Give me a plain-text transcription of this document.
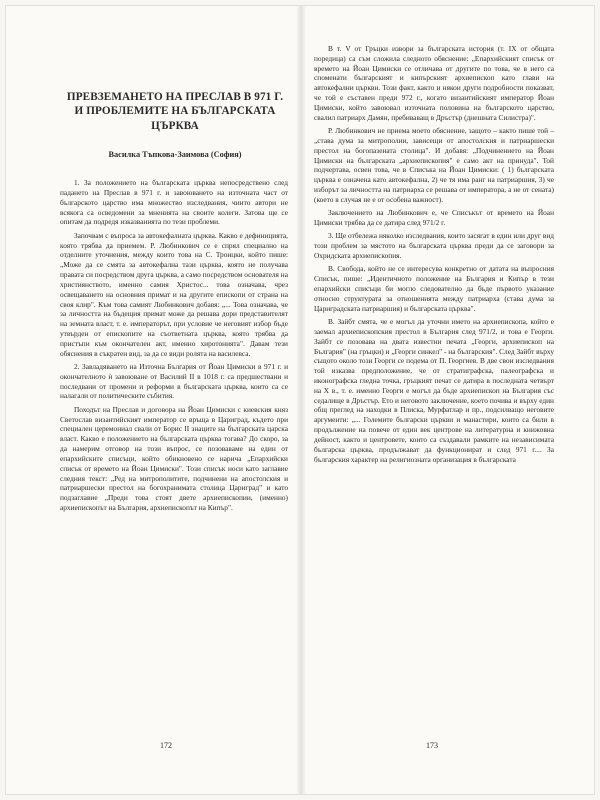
ПРЕВЗЕМАНЕТО НА ПРЕСЛАВ В 971 Г.
И ПРОБЛЕМИТЕ НА БЪЛГАРСКАТА ЦЪРКВА
Василка Тъпкова-Заимова (София)

1. За положението на българската църква непосредствено след падането на Преслав в 971 г. и завоюването на източната част от българското царство има множество изследвания, чиито автори не всякога са осведомени за мненията на своите колеги. Затова ще се опитам да подредя изказванията по тези проблеми.

Започвам с въпроса за автокефалната църква. Какво е дефиницията, която трябва да приемем. Р. Любинкович се е спрял специално на отделните уточнения, между които това на С. Троицки, който пише: „Може да се смята за автокефална тази църква, която не получава правата си посредством друга църква, а само посредством основателя на християнството, именно самия Христос... това означава, чрез освещаването на основния примат и на другите епископи от страна на своя клир". Към това самият Любинкович добавя: „... Това означава, че за личността на бъдещия примат може да решава дори представителят на земната власт, т. е. императорът, при условие че неговият избор бъде утвърден от епископите на съответната църква, която трябва да пристъпи към окончателен акт, именно хиротонията". Давам тези обяснения в съкратен вид, за да се види ролята на василевса.

2. Завладяването на Източна България от Йоан Цимиски в 971 г. и окончателното ѝ завоюване от Василий II в 1018 г. са предшествани и последвани от промени и реформи в българската църква, които са се налагали от политическите събития.

Походът на Преслав и договора на Йоан Цимиски с киевския княз Светослав византийският император се връща в Цариград, където при специален церемониал свали от Борис II знаците на българската царска власт. Какво е положението на българската църква тогава? До скоро, за да намерим отговор на този въпрос, се позоваваме на един от епархийските списъци, който обикновено се нарича „Епархийски списък от времето на Йоан Цимиски". Този списък носи като заглавие следния текст: „Ред на митрополитите, подчинени на апостолския и патриаршески престол на богохранимата столица Цариград" и като подзаглавие „Преди това стоят двете архиепископии, (именно) архиепископът на България, архиепископът на Кипър".

172

В т. V от Гръцки извори за българската история (т. IX от общата поредица) са съм сложила следното обяснение: „Епархийският списък от времето на Йоан Цимиски се отличава от другите по това, че в него са споменати българският и кипърският архиепископ като глави на автокефални църкви. Този факт, както и някои други подробности показват, че той е съставен преди 972 г., когато византийският император Йоан Цимиски, който завоювал източната половина на българското царство, свалил патриарх Дамян, пребиваващ в Дръстър (днешната Силистра)".

Р. Любинкович не приема моето обяснение, защото – както пише той – „става дума за митрополии, зависещи от апостолския и патриаршески престол на богопазената столица". И добавя: „Подчинението на Йоан Цимиски на българската „архиепископия" е само акт на принуда". Той подчертава, освен това, че в Списъка на Йоан Цимиски: ( 1) българската църква е означена като автокефална, 2) че тя има ранг на патриаршия, 3) че изборът за личността на патриарха се решава от императора, а не от сената) (което в случая не е от особена важност).

Заключението на Любинкович е, че Списъкът от времето на Йоан Цимиски трябва да се датира след 971/2 г.

3. Ще отбележа няколко изследвания, които засягат в един или друг вид този проблем за мястото на българската църква преди да се заговори за Охридската архиепископия.

В. Свобода, който не се интересува конкретно от датата на въпросния Списък, пише: „Идентичното положение на България и Кипър в тези епархийски списъци би могло следователно да бъде първото указание относно структурата за отношенията между патриарха (става дума за Цариградската патриаршия) и българската църква".

В. Зайбт смята, че е могъл да уточни името на архиепископа, който е заемал архиепископския престол в България след 971/2, и това е Георги. Зайбт се позовава на двата известни печата „Георги, архиепископ на България" (на гръцки) и „Георги синкел" - на българския". След Зайбт върху същото около този Георги се подема от П. Георгиев. В две свои изследвания той изказва предположение, че от стратиграфска, палеографска и иконографска гледна точка, гръцкият печат се датира в последната четвърт на Х в., т. е. именно Георги е могъл да бъде архиепископ на България със седалище в Дръстър. Ето и неговото заключение, което почива и върху един общ преглед на находки в Плиска, Мурфатлар и пр., подсилващо неговите аргументи: „... Големите български църкви и манастири, които са били в продължение на повече от един век центрове на литературна и книжовна дейност, както и центровете, които са създавали рамките на независимата българска църква, продължават да функционират и след 971 г.... За българския характер на религиозната организация в българската

173
